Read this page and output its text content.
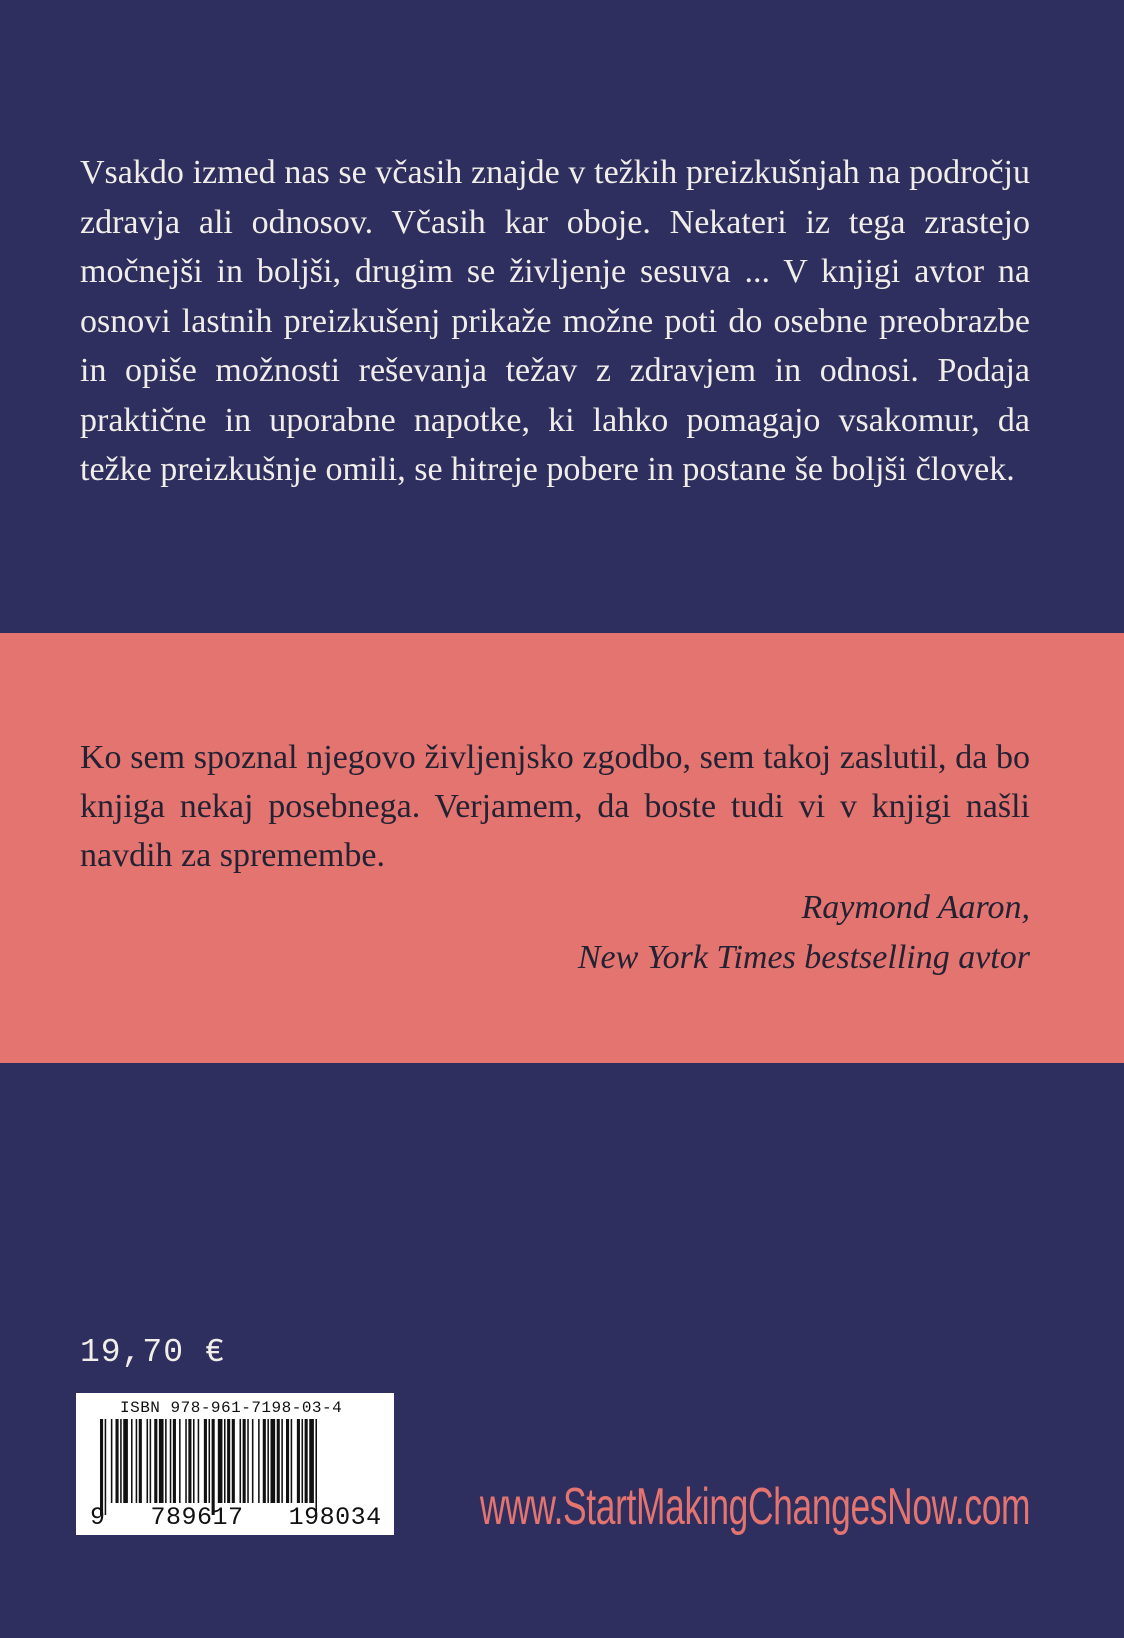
Vsakdo izmed nas se včasih znajde v težkih preizkušnjah na področju zdravja ali odnosov. Včasih kar oboje. Nekateri iz tega zrastejo močnejši in boljši, drugim se življenje sesuva ... V knjigi avtor na osnovi lastnih preizkušenj prikaže možne poti do osebne preobrazbe in opiše možnosti reševanja težav z zdravjem in odnosi. Podaja praktične in uporabne napotke, ki lahko pomagajo vsakomur, da težke preizkušnje omili, se hitreje pobere in postane še boljši človek.

Ko sem spoznal njegovo življenjsko zgodbo, sem takoj zaslutil, da bo knjiga nekaj posebnega. Verjamem, da boste tudi vi v knjigi našli navdih za spremembe.

Raymond Aaron,
New York Times bestselling avtor
19,70 €
ISBN 978-961-7198-03-4
9 789617 198034 www.StartMakingChangesNow.com
